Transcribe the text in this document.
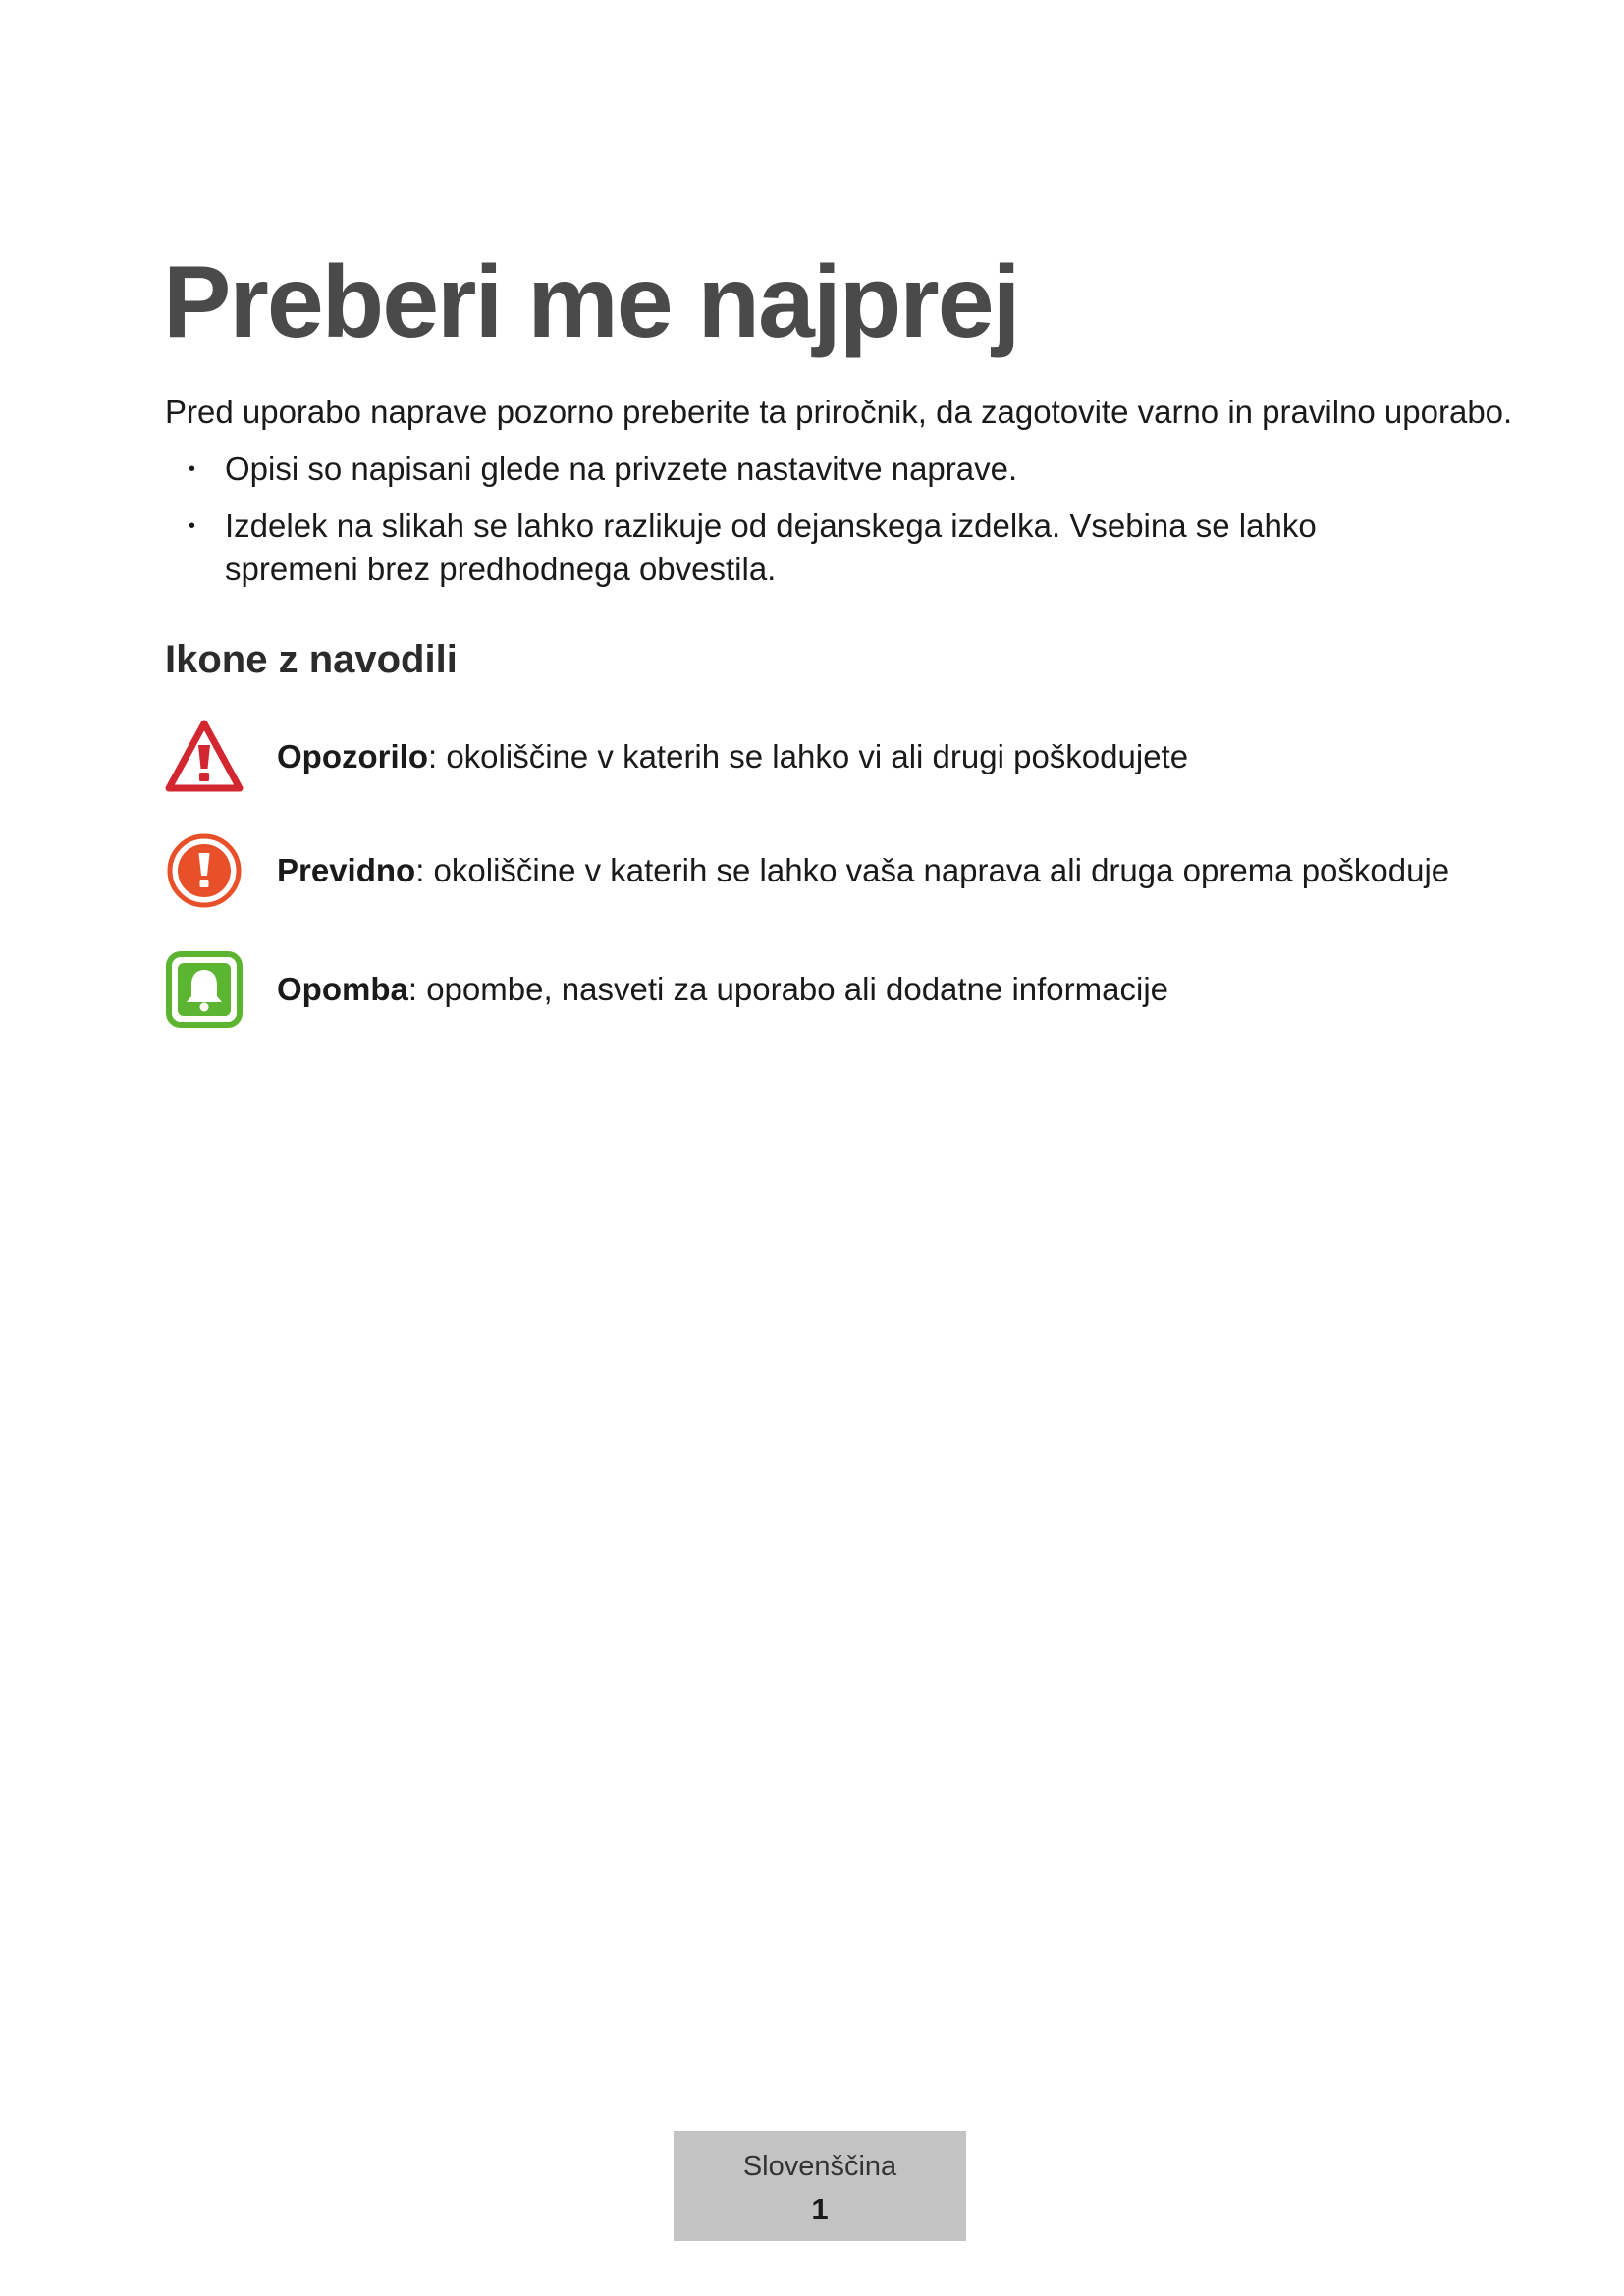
Preberi me najprej

Pred uporabo naprave pozorno preberite ta priročnik, da zagotovite varno in pravilno uporabo.

• Opisi so napisani glede na privzete nastavitve naprave.
• Izdelek na slikah se lahko razlikuje od dejanskega izdelka. Vsebina se lahko spremeni brez predhodnega obvestila.
Ikone z navodili
Opozorilo: okoliščine v katerih se lahko vi ali drugi poškodujete
Previdno: okoliščine v katerih se lahko vaša naprava ali druga oprema poškoduje
Opomba: opombe, nasveti za uporabo ali dodatne informacije
Slovenščina
1
